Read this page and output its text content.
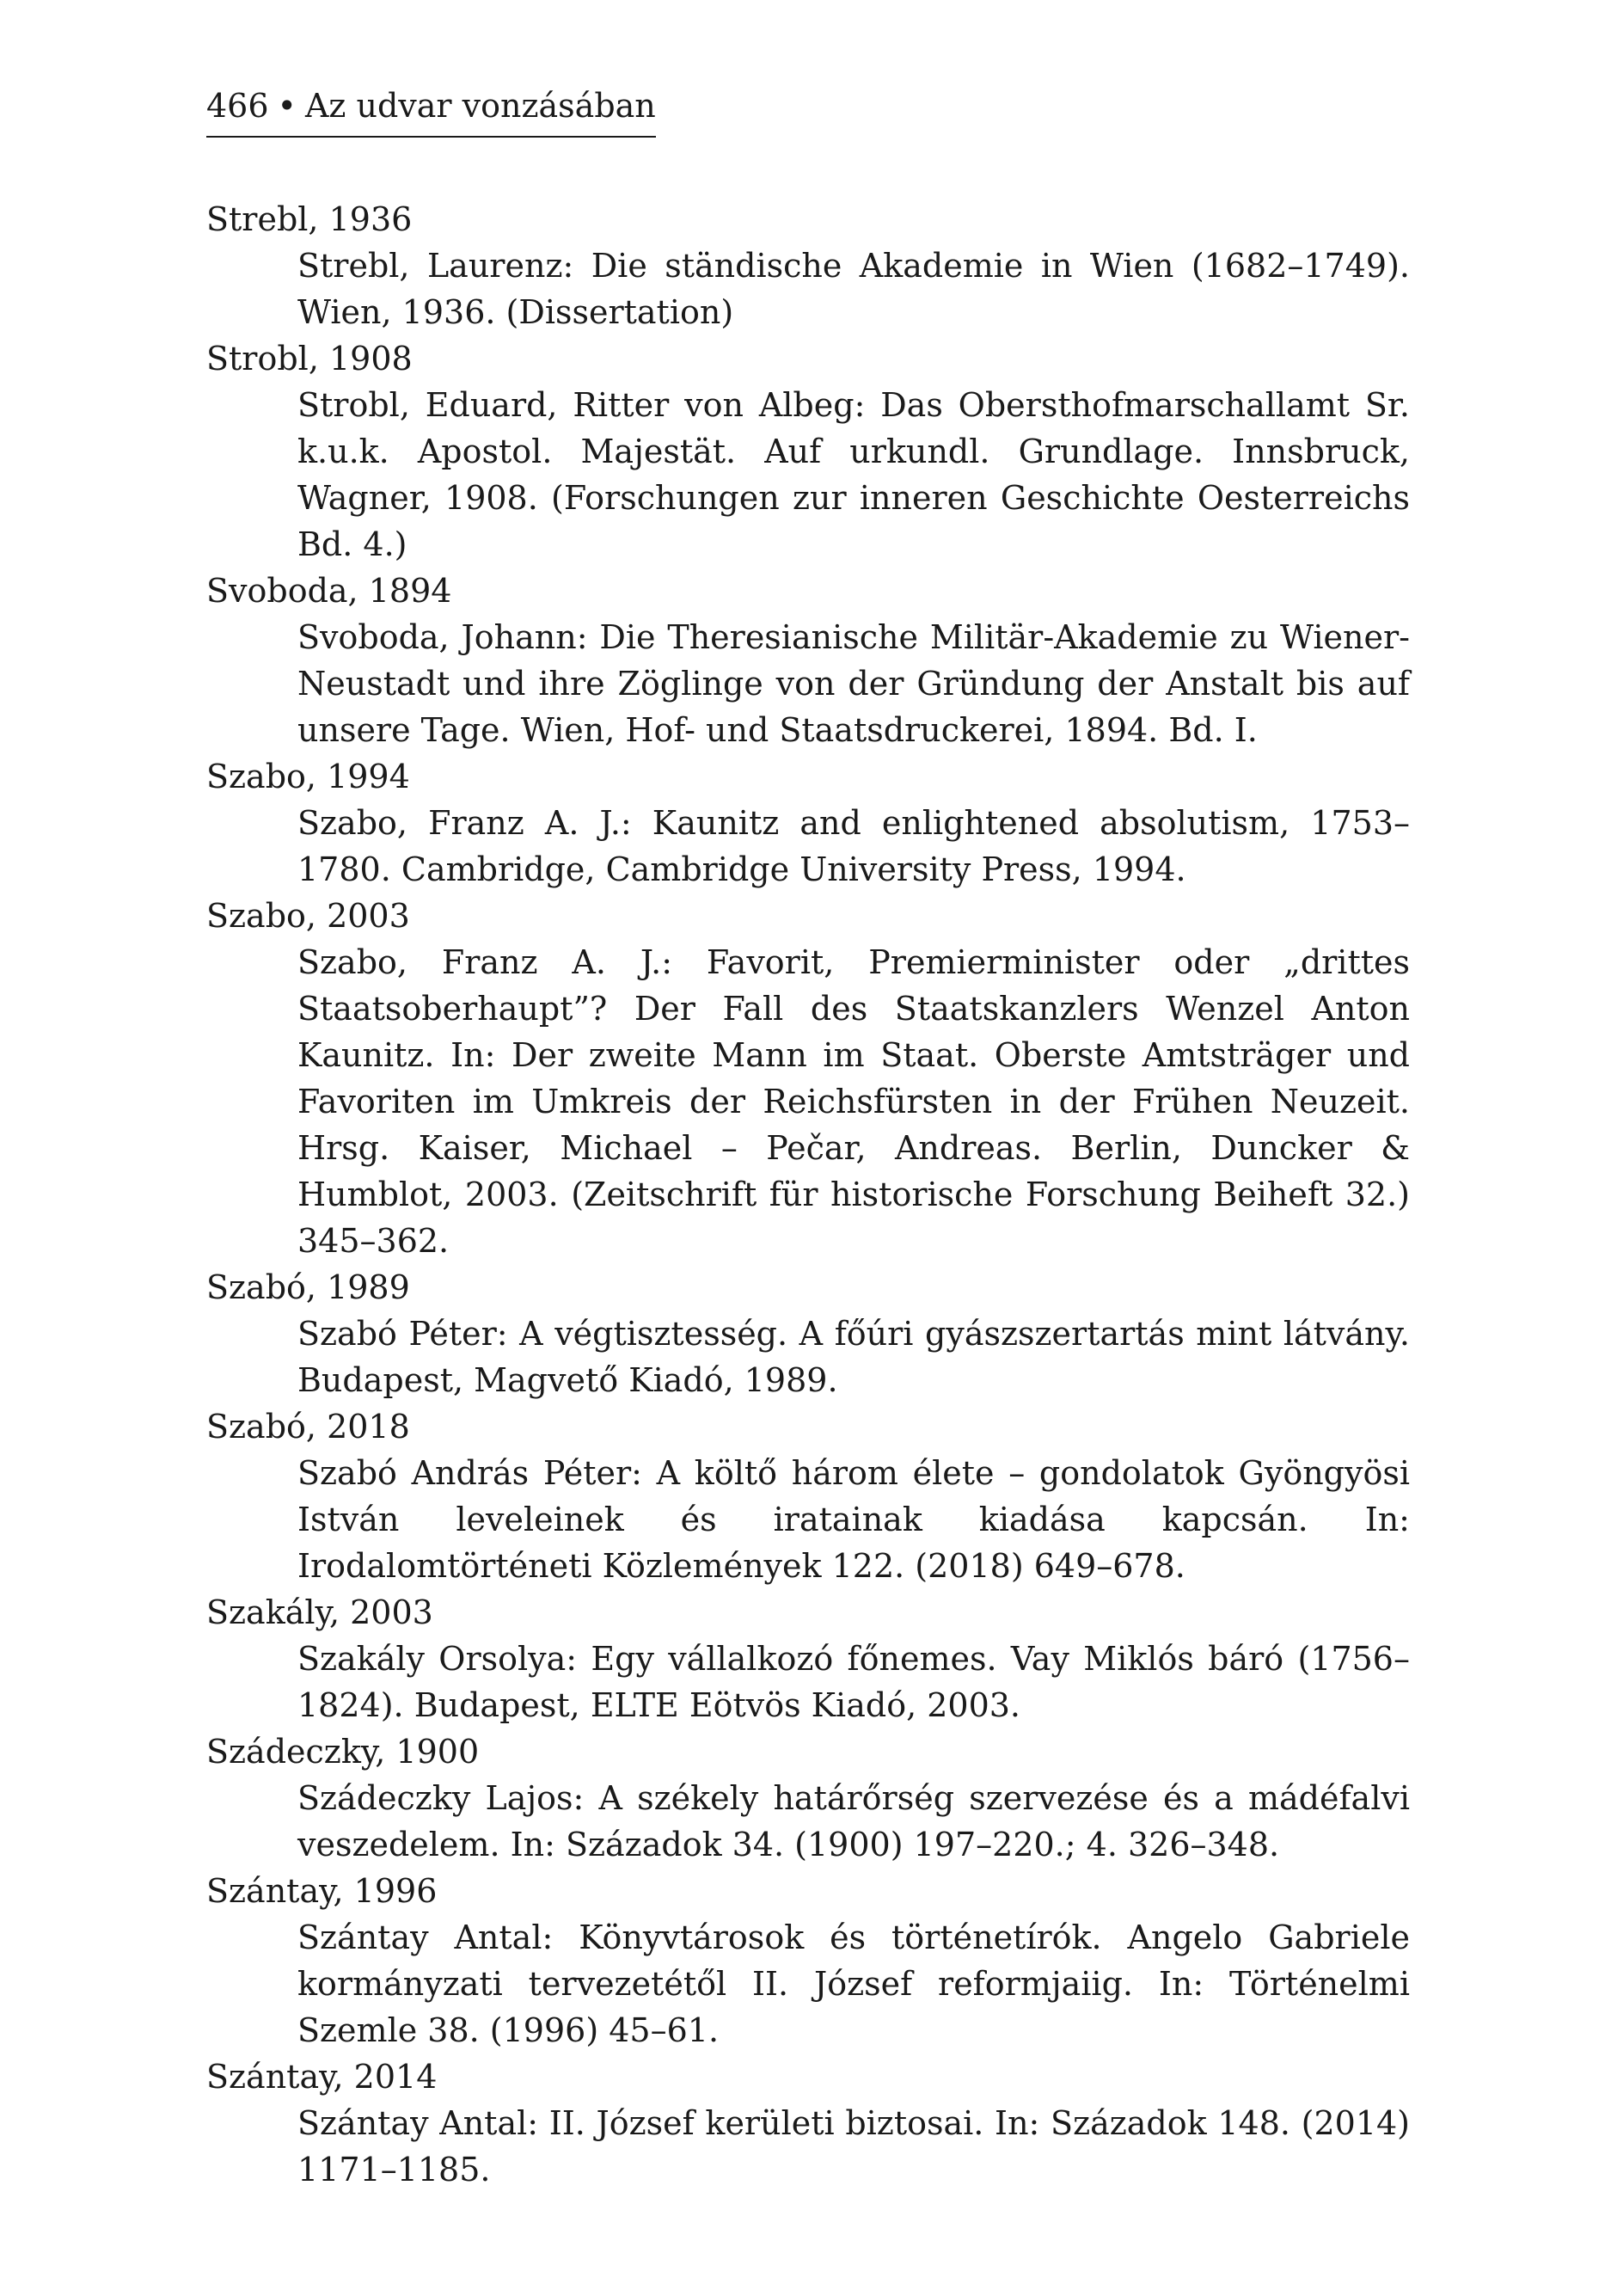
466 • Az udvar vonzásában
Strebl, 1936
Strebl, Laurenz: Die ständische Akademie in Wien (1682–1749). Wien, 1936. (Dissertation)
Strobl, 1908
Strobl, Eduard, Ritter von Albeg: Das Obersthofmarschallamt Sr. k.u.k. Apostol. Majestät. Auf urkundl. Grundlage. Innsbruck, Wagner, 1908. (Forschungen zur inneren Geschichte Oesterreichs Bd. 4.)
Svoboda, 1894
Svoboda, Johann: Die Theresianische Militär-Akademie zu Wiener-Neustadt und ihre Zöglinge von der Gründung der Anstalt bis auf unsere Tage. Wien, Hof- und Staatsdruckerei, 1894. Bd. I.
Szabo, 1994
Szabo, Franz A. J.: Kaunitz and enlightened absolutism, 1753–1780. Cambridge, Cambridge University Press, 1994.
Szabo, 2003
Szabo, Franz A. J.: Favorit, Premierminister oder „drittes Staatsoberhaupt”? Der Fall des Staatskanzlers Wenzel Anton Kaunitz. In: Der zweite Mann im Staat. Oberste Amtsträger und Favoriten im Umkreis der Reichsfürsten in der Frühen Neuzeit. Hrsg. Kaiser, Michael – Pečar, Andreas. Berlin, Duncker & Humblot, 2003. (Zeitschrift für historische Forschung Beiheft 32.) 345–362.
Szabó, 1989
Szabó Péter: A végtisztesség. A főúri gyászszertartás mint látvány. Budapest, Magvető Kiadó, 1989.
Szabó, 2018
Szabó András Péter: A költő három élete – gondolatok Gyöngyösi István leveleinek és iratainak kiadása kapcsán. In: Irodalomtörténeti Közlemények 122. (2018) 649–678.
Szakály, 2003
Szakály Orsolya: Egy vállalkozó főnemes. Vay Miklós báró (1756–1824). Budapest, ELTE Eötvös Kiadó, 2003.
Szádeczky, 1900
Szádeczky Lajos: A székely határőrség szervezése és a mádéfalvi veszedelem. In: Századok 34. (1900) 197–220.; 4. 326–348.
Szántay, 1996
Szántay Antal: Könyvtárosok és történetírók. Angelo Gabriele kormányzati tervezetétől II. József reformjaiig. In: Történelmi Szemle 38. (1996) 45–61.
Szántay, 2014
Szántay Antal: II. József kerületi biztosai. In: Századok 148. (2014) 1171–1185.
